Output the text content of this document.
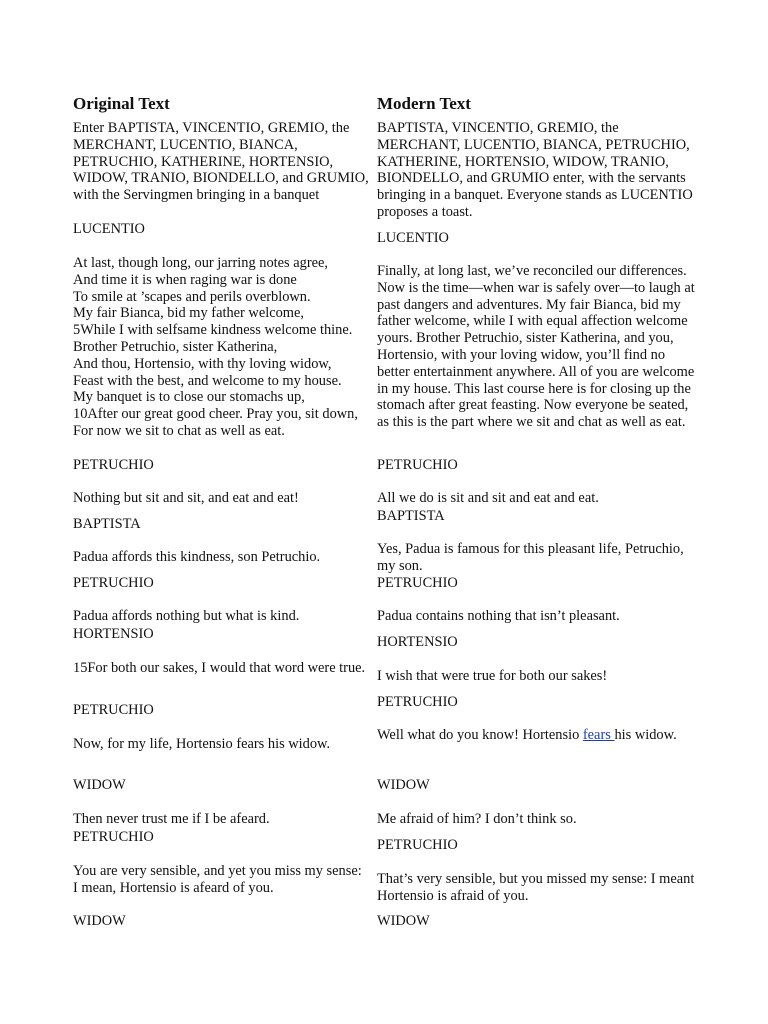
Original Text
Enter BAPTISTA, VINCENTIO, GREMIO, the MERCHANT, LUCENTIO, BIANCA, PETRUCHIO, KATHERINE, HORTENSIO, WIDOW, TRANIO, BIONDELLO, and GRUMIO, with the Servingmen bringing in a banquet
LUCENTIO
At last, though long, our jarring notes agree,
And time it is when raging war is done
To smile at ’scapes and perils overblown.
My fair Bianca, bid my father welcome,
5While I with selfsame kindness welcome thine.
Brother Petruchio, sister Katherina,
And thou, Hortensio, with thy loving widow,
Feast with the best, and welcome to my house.
My banquet is to close our stomachs up,
10After our great good cheer. Pray you, sit down,
For now we sit to chat as well as eat.
PETRUCHIO
Nothing but sit and sit, and eat and eat!
BAPTISTA
Padua affords this kindness, son Petruchio.
PETRUCHIO
Padua affords nothing but what is kind.
HORTENSIO
15For both our sakes, I would that word were true.
PETRUCHIO
Now, for my life, Hortensio fears his widow.
WIDOW
Then never trust me if I be afeard.
PETRUCHIO
You are very sensible, and yet you miss my sense:
I mean, Hortensio is afeard of you.
WIDOW
Modern Text
BAPTISTA, VINCENTIO, GREMIO, the MERCHANT, LUCENTIO, BIANCA, PETRUCHIO, KATHERINE, HORTENSIO, WIDOW, TRANIO, BIONDELLO, and GRUMIO enter, with the servants bringing in a banquet. Everyone stands as LUCENTIO proposes a toast.
LUCENTIO
Finally, at long last, we’ve reconciled our differences. Now is the time—when war is safely over—to laugh at past dangers and adventures. My fair Bianca, bid my father welcome, while I with equal affection welcome yours. Brother Petruchio, sister Katherina, and you, Hortensio, with your loving widow, you’ll find no better entertainment anywhere. All of you are welcome in my house. This last course here is for closing up the stomach after great feasting. Now everyone be seated, as this is the part where we sit and chat as well as eat.
PETRUCHIO
All we do is sit and sit and eat and eat.
BAPTISTA
Yes, Padua is famous for this pleasant life, Petruchio, my son.
PETRUCHIO
Padua contains nothing that isn’t pleasant.
HORTENSIO
I wish that were true for both our sakes!
PETRUCHIO
Well what do you know! Hortensio fears his widow.
WIDOW
Me afraid of him? I don’t think so.
PETRUCHIO
That’s very sensible, but you missed my sense: I meant Hortensio is afraid of you.
WIDOW
